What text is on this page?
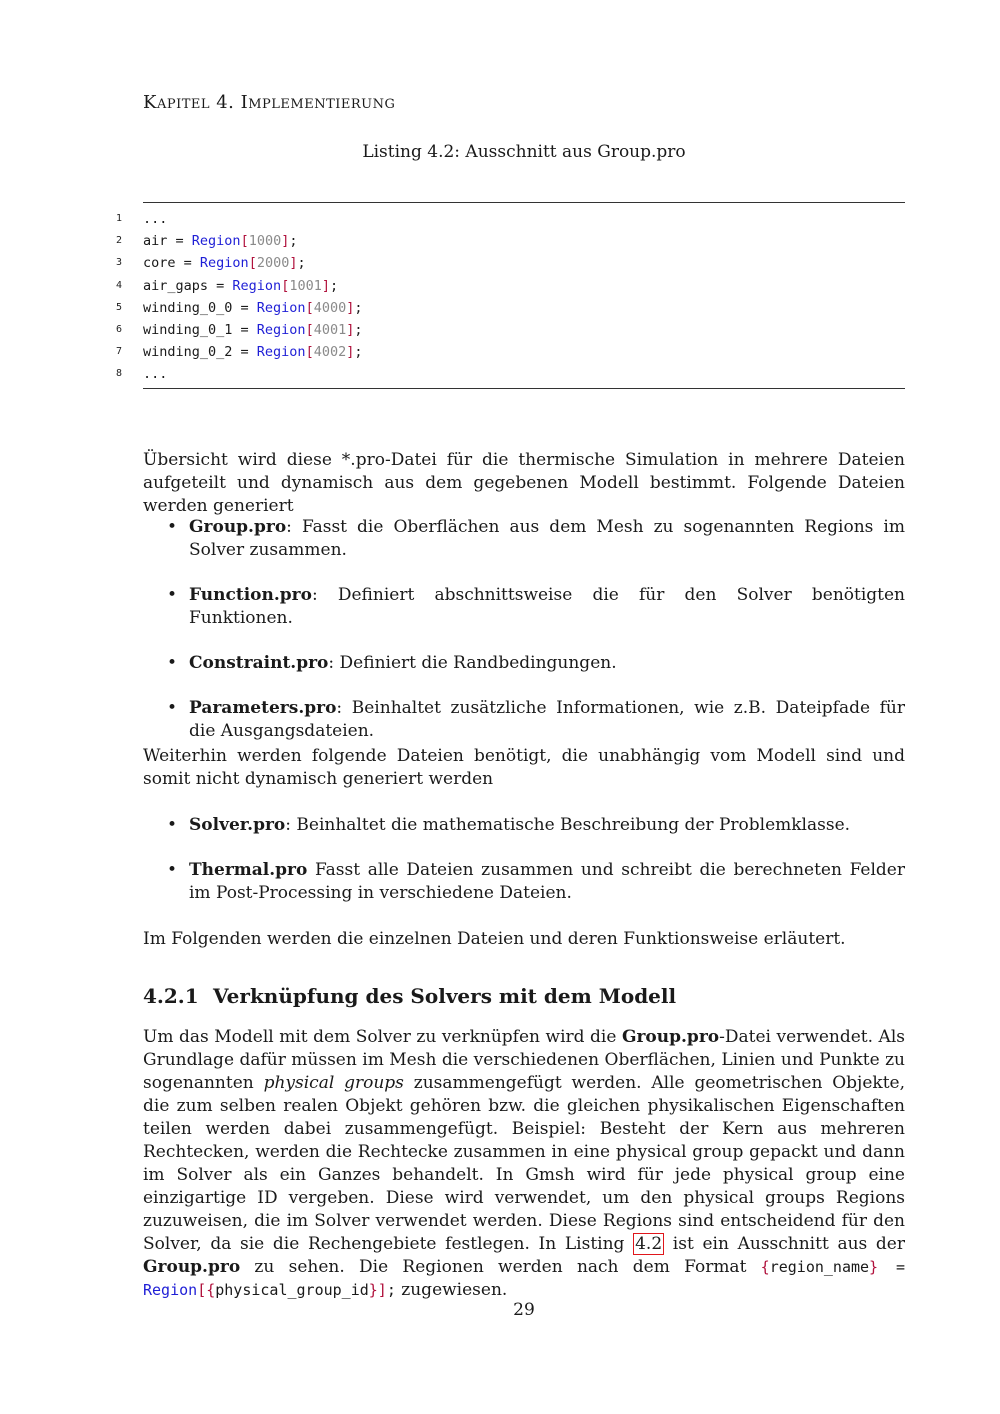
Kapitel 4. Implementierung
Listing 4.2: Ausschnitt aus Group.pro
1 ...
2 air = Region[1000];
3 core = Region[2000];
4 air_gaps = Region[1001];
5 winding_0_0 = Region[4000];
6 winding_0_1 = Region[4001];
7 winding_0_2 = Region[4002];
8 ...
Übersicht wird diese *.pro-Datei für die thermische Simulation in mehrere Dateien aufgeteilt und dynamisch aus dem gegebenen Modell bestimmt. Folgende Dateien werden generiert
• Group.pro: Fasst die Oberflächen aus dem Mesh zu sogenannten Regions im Solver zusammen.
• Function.pro: Definiert abschnittsweise die für den Solver benötigten Funktionen.
• Constraint.pro: Definiert die Randbedingungen.
• Parameters.pro: Beinhaltet zusätzliche Informationen, wie z.B. Dateipfade für die Ausgangsdateien.
Weiterhin werden folgende Dateien benötigt, die unabhängig vom Modell sind und somit nicht dynamisch generiert werden
• Solver.pro: Beinhaltet die mathematische Beschreibung der Problemklasse.
• Thermal.pro Fasst alle Dateien zusammen und schreibt die berechneten Felder im Post-Processing in verschiedene Dateien.
Im Folgenden werden die einzelnen Dateien und deren Funktionsweise erläutert.
4.2.1 Verknüpfung des Solvers mit dem Modell
Um das Modell mit dem Solver zu verknüpfen wird die Group.pro-Datei verwendet. Als Grundlage dafür müssen im Mesh die verschiedenen Oberflächen, Linien und Punkte zu sogenannten physical groups zusammengefügt werden. Alle geometrischen Objekte, die zum selben realen Objekt gehören bzw. die gleichen physikalischen Eigenschaften teilen werden dabei zusammengefügt. Beispiel: Besteht der Kern aus mehreren Rechtecken, werden die Rechtecke zusammen in eine physical group gepackt und dann im Solver als ein Ganzes behandelt. In Gmsh wird für jede physical group eine einzigartige ID vergeben. Diese wird verwendet, um den physical groups Regions zuzuweisen, die im Solver verwendet werden. Diese Regions sind entscheidend für den Solver, da sie die Rechengebiete festlegen. In Listing 4.2 ist ein Ausschnitt aus der Group.pro zu sehen. Die Regionen werden nach dem Format {region_name} = Region[{physical_group_id}]; zugewiesen.
29
